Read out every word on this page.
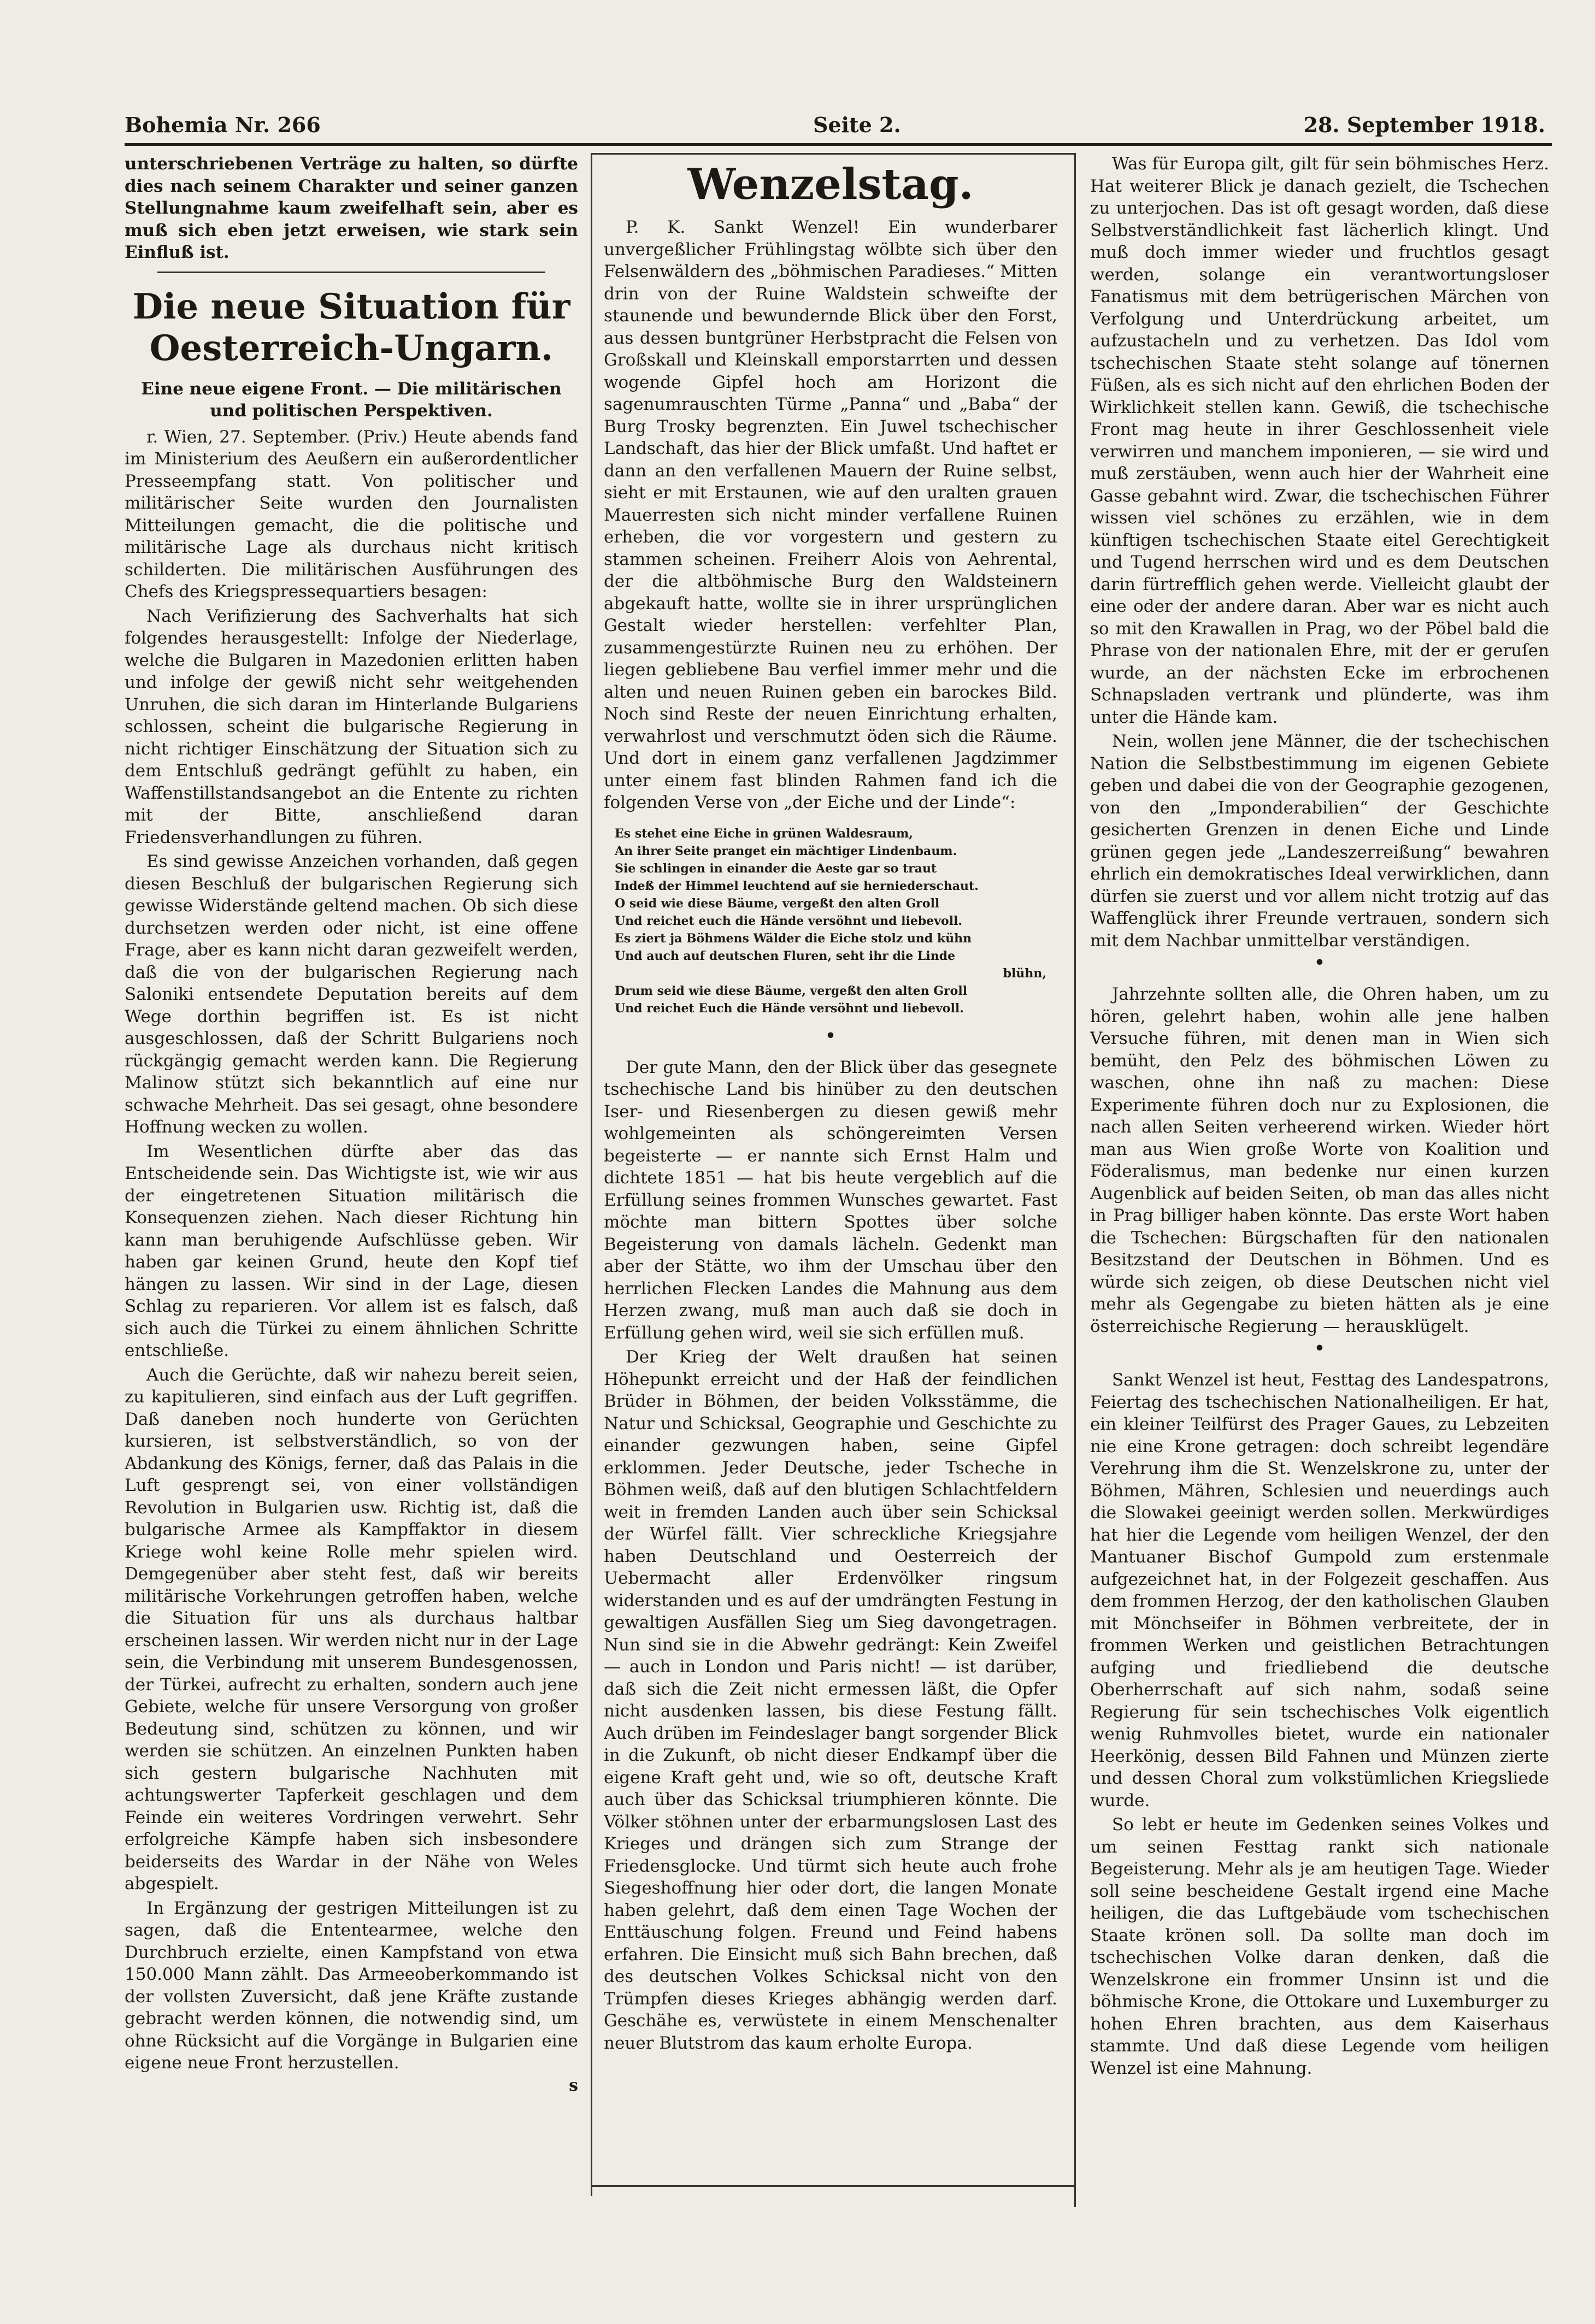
Bohemia Nr. 266	Seite 2.	28. September 1918.

unterschriebenen Verträge zu halten, so dürfte dies nach seinem Charakter und seiner ganzen Stellungnahme kaum zweifelhaft sein, aber es muß sich eben jetzt erweisen, wie stark sein Einfluß ist.

Die neue Situation für Oesterreich-Ungarn.
Eine neue eigene Front. — Die militärischen und politischen Perspektiven.

r. Wien, 27. September. (Priv.) Heute abends fand im Ministerium des Aeußern ein außerordentlicher Presseempfang statt. Von politischer und militärischer Seite wurden den Journalisten Mitteilungen gemacht, die die politische und militärische Lage als durchaus nicht kritisch schilderten. Die militärischen Ausführungen des Chefs des Kriegspressequartiers besagen:

Nach Verifizierung des Sachverhalts hat sich folgendes herausgestellt: Infolge der Niederlage, welche die Bulgaren in Mazedonien erlitten haben und infolge der gewiß nicht sehr weitgehenden Unruhen, die sich daran im Hinterlande Bulgariens schlossen, scheint die bulgarische Regierung in nicht richtiger Einschätzung der Situation sich zu dem Entschluß gedrängt gefühlt zu haben, ein Waffenstillstandsangebot an die Entente zu richten mit der Bitte, anschließend daran Friedensverhandlungen zu führen.

Es sind gewisse Anzeichen vorhanden, daß gegen diesen Beschluß der bulgarischen Regierung sich gewisse Widerstände geltend machen. Ob sich diese durchsetzen werden oder nicht, ist eine offene Frage, aber es kann nicht daran gezweifelt werden, daß die von der bulgarischen Regierung nach Saloniki entsendete Deputation bereits auf dem Wege dorthin begriffen ist. Es ist nicht ausgeschlossen, daß der Schritt Bulgariens noch rückgängig gemacht werden kann. Die Regierung Malinow stützt sich bekanntlich auf eine nur schwache Mehrheit. Das sei gesagt, ohne besondere Hoffnung wecken zu wollen.

Im Wesentlichen dürfte aber das das Entscheidende sein. Das Wichtigste ist, wie wir aus der eingetretenen Situation militärisch die Konsequenzen ziehen. Nach dieser Richtung hin kann man beruhigende Aufschlüsse geben. Wir haben gar keinen Grund, heute den Kopf tief hängen zu lassen. Wir sind in der Lage, diesen Schlag zu reparieren. Vor allem ist es falsch, daß sich auch die Türkei zu einem ähnlichen Schritte entschließe.

Auch die Gerüchte, daß wir nahezu bereit seien, zu kapitulieren, sind einfach aus der Luft gegriffen. Daß daneben noch hunderte von Gerüchten kursieren, ist selbstverständlich, so von der Abdankung des Königs, ferner, daß das Palais in die Luft gesprengt sei, von einer vollständigen Revolution in Bulgarien usw. Richtig ist, daß die bulgarische Armee als Kampffaktor in diesem Kriege wohl keine Rolle mehr spielen wird. Demgegenüber aber steht fest, daß wir bereits militärische Vorkehrungen getroffen haben, welche die Situation für uns als durchaus haltbar erscheinen lassen. Wir werden nicht nur in der Lage sein, die Verbindung mit unserem Bundesgenossen, der Türkei, aufrecht zu erhalten, sondern auch jene Gebiete, welche für unsere Versorgung von großer Bedeutung sind, schützen zu können, und wir werden sie schützen. An einzelnen Punkten haben sich gestern bulgarische Nachhuten mit achtungswerter Tapferkeit geschlagen und dem Feinde ein weiteres Vordringen verwehrt. Sehr erfolgreiche Kämpfe haben sich insbesondere beiderseits des Wardar in der Nähe von Weles abgespielt.

In Ergänzung der gestrigen Mitteilungen ist zu sagen, daß die Ententearmee, welche den Durchbruch erzielte, einen Kampfstand von etwa 150.000 Mann zählt. Das Armeeoberkommando ist der vollsten Zuversicht, daß jene Kräfte zustande gebracht werden können, die notwendig sind, um ohne Rücksicht auf die Vorgänge in Bulgarien eine eigene neue Front herzustellen.

s
Wenzelstag.

P. K. Sankt Wenzel! Ein wunderbarer unvergeßlicher Frühlingstag wölbte sich über den Felsenwäldern des „böhmischen Paradieses.“ Mitten drin von der Ruine Waldstein schweifte der staunende und bewundernde Blick über den Forst, aus dessen buntgrüner Herbstpracht die Felsen von Großskall und Kleinskall emporstarrten und dessen wogende Gipfel hoch am Horizont die sagenumrauschten Türme „Panna“ und „Baba“ der Burg Trosky begrenzten. Ein Juwel tschechischer Landschaft, das hier der Blick umfaßt. Und haftet er dann an den verfallenen Mauern der Ruine selbst, sieht er mit Erstaunen, wie auf den uralten grauen Mauerresten sich nicht minder verfallene Ruinen erheben, die vor vorgestern und gestern zu stammen scheinen. Freiherr Alois von Aehrental, der die altböhmische Burg den Waldsteinern abgekauft hatte, wollte sie in ihrer ursprünglichen Gestalt wieder herstellen: verfehlter Plan, zusammengestürzte Ruinen neu zu erhöhen. Der liegen gebliebene Bau verfiel immer mehr und die alten und neuen Ruinen geben ein barockes Bild. Noch sind Reste der neuen Einrichtung erhalten, verwahrlost und verschmutzt öden sich die Räume. Und dort in einem ganz verfallenen Jagdzimmer unter einem fast blinden Rahmen fand ich die folgenden Verse von „der Eiche und der Linde“:

Es stehet eine Eiche in grünen Waldesraum,
An ihrer Seite pranget ein mächtiger Lindenbaum.
Sie schlingen in einander die Aeste gar so traut
Indeß der Himmel leuchtend auf sie herniederschaut.
O seid wie diese Bäume, vergeßt den alten Groll
Und reichet euch die Hände versöhnt und liebevoll.
Es ziert ja Böhmens Wälder die Eiche stolz und kühn
Und auch auf deutschen Fluren, seht ihr die Linde
blühn,
Drum seid wie diese Bäume, vergeßt den alten Groll
Und reichet Euch die Hände versöhnt und liebevoll.
•

Der gute Mann, den der Blick über das gesegnete tschechische Land bis hinüber zu den deutschen Iser- und Riesenbergen zu diesen gewiß mehr wohlgemeinten als schöngereimten Versen begeisterte — er nannte sich Ernst Halm und dichtete 1851 — hat bis heute vergeblich auf die Erfüllung seines frommen Wunsches gewartet. Fast möchte man bittern Spottes über solche Begeisterung von damals lächeln. Gedenkt man aber der Stätte, wo ihm der Umschau über den herrlichen Flecken Landes die Mahnung aus dem Herzen zwang, muß man auch daß sie doch in Erfüllung gehen wird, weil sie sich erfüllen muß.

Der Krieg der Welt draußen hat seinen Höhepunkt erreicht und der Haß der feindlichen Brüder in Böhmen, der beiden Volksstämme, die Natur und Schicksal, Geographie und Geschichte zu einander gezwungen haben, seine Gipfel erklommen. Jeder Deutsche, jeder Tscheche in Böhmen weiß, daß auf den blutigen Schlachtfeldern weit in fremden Landen auch über sein Schicksal der Würfel fällt. Vier schreckliche Kriegsjahre haben Deutschland und Oesterreich der Uebermacht aller Erdenvölker ringsum widerstanden und es auf der umdrängten Festung in gewaltigen Ausfällen Sieg um Sieg davongetragen. Nun sind sie in die Abwehr gedrängt: Kein Zweifel — auch in London und Paris nicht! — ist darüber, daß sich die Zeit nicht ermessen läßt, die Opfer nicht ausdenken lassen, bis diese Festung fällt. Auch drüben im Feindeslager bangt sorgender Blick in die Zukunft, ob nicht dieser Endkampf über die eigene Kraft geht und, wie so oft, deutsche Kraft auch über das Schicksal triumphieren könnte. Die Völker stöhnen unter der erbarmungslosen Last des Krieges und drängen sich zum Strange der Friedensglocke. Und türmt sich heute auch frohe Siegeshoffnung hier oder dort, die langen Monate haben gelehrt, daß dem einen Tage Wochen der Enttäuschung folgen. Freund und Feind habens erfahren. Die Einsicht muß sich Bahn brechen, daß des deutschen Volkes Schicksal nicht von den Trümpfen dieses Krieges abhängig werden darf. Geschähe es, verwüstete in einem Menschenalter neuer Blutstrom das kaum erholte Europa.

Was für Europa gilt, gilt für sein böhmisches Herz. Hat weiterer Blick je danach gezielt, die Tschechen zu unterjochen. Das ist oft gesagt worden, daß diese Selbstverständlichkeit fast lächerlich klingt. Und muß doch immer wieder und fruchtlos gesagt werden, solange ein verantwortungsloser Fanatismus mit dem betrügerischen Märchen von Verfolgung und Unterdrückung arbeitet, um aufzustacheln und zu verhetzen. Das Idol vom tschechischen Staate steht solange auf tönernen Füßen, als es sich nicht auf den ehrlichen Boden der Wirklichkeit stellen kann. Gewiß, die tschechische Front mag heute in ihrer Geschlossenheit viele verwirren und manchem imponieren, — sie wird und muß zerstäuben, wenn auch hier der Wahrheit eine Gasse gebahnt wird. Zwar, die tschechischen Führer wissen viel schönes zu erzählen, wie in dem künftigen tschechischen Staate eitel Gerechtigkeit und Tugend herrschen wird und es dem Deutschen darin fürtrefflich gehen werde. Vielleicht glaubt der eine oder der andere daran. Aber war es nicht auch so mit den Krawallen in Prag, wo der Pöbel bald die Phrase von der nationalen Ehre, mit der er geruſen wurde, an der nächsten Ecke im erbrochenen Schnapsladen vertrank und plünderte, was ihm unter die Hände kam.

Nein, wollen jene Männer, die der tschechischen Nation die Selbstbestimmung im eigenen Gebiete geben und dabei die von der Geographie gezogenen, von den „Imponderabilien“ der Geschichte gesicherten Grenzen in denen Eiche und Linde grünen gegen jede „Landeszerreißung“ bewahren ehrlich ein demokratisches Ideal verwirklichen, dann dürfen sie zuerst und vor allem nicht trotzig auf das Waffenglück ihrer Freunde vertrauen, sondern sich mit dem Nachbar unmittelbar verständigen.

•

Jahrzehnte sollten alle, die Ohren haben, um zu hören, gelehrt haben, wohin alle jene halben Versuche führen, mit denen man in Wien sich bemüht, den Pelz des böhmischen Löwen zu waschen, ohne ihn naß zu machen: Diese Experimente führen doch nur zu Explosionen, die nach allen Seiten verheerend wirken. Wieder hört man aus Wien große Worte von Koalition und Föderalismus, man bedenke nur einen kurzen Augenblick auf beiden Seiten, ob man das alles nicht in Prag billiger haben könnte. Das erste Wort haben die Tschechen: Bürgschaften für den nationalen Besitzstand der Deutschen in Böhmen. Und es würde sich zeigen, ob diese Deutschen nicht viel mehr als Gegengabe zu bieten hätten als je eine österreichische Regierung — herausklügelt.

•

Sankt Wenzel ist heut, Festtag des Landespatrons, Feiertag des tschechischen Nationalheiligen. Er hat, ein kleiner Teilfürst des Prager Gaues, zu Lebzeiten nie eine Krone getragen: doch schreibt legendäre Verehrung ihm die St. Wenzelskrone zu, unter der Böhmen, Mähren, Schlesien und neuerdings auch die Slowakei geeinigt werden sollen. Merkwürdiges hat hier die Legende vom heiligen Wenzel, der den Mantuaner Bischof Gumpold zum erstenmale aufgezeichnet hat, in der Folgezeit geschaffen. Aus dem frommen Herzog, der den katholischen Glauben mit Mönchseifer in Böhmen verbreitete, der in frommen Werken und geistlichen Betrachtungen aufging und friedliebend die deutsche Oberherrschaft auf sich nahm, sodaß seine Regierung für sein tschechisches Volk eigentlich wenig Ruhmvolles bietet, wurde ein nationaler Heerkönig, dessen Bild Fahnen und Münzen zierte und dessen Choral zum volkstümlichen Kriegsliede wurde.

So lebt er heute im Gedenken seines Volkes und um seinen Festtag rankt sich nationale Begeisterung. Mehr als je am heutigen Tage. Wieder soll seine bescheidene Gestalt irgend eine Mache heiligen, die das Luftgebäude vom tschechischen Staate krönen soll. Da sollte man doch im tschechischen Volke daran denken, daß die Wenzelskrone ein frommer Unsinn ist und die böhmische Krone, die Ottokare und Luxemburger zu hohen Ehren brachten, aus dem Kaiserhaus stammte. Und daß diese Legende vom heiligen Wenzel ist eine Mahnung.
